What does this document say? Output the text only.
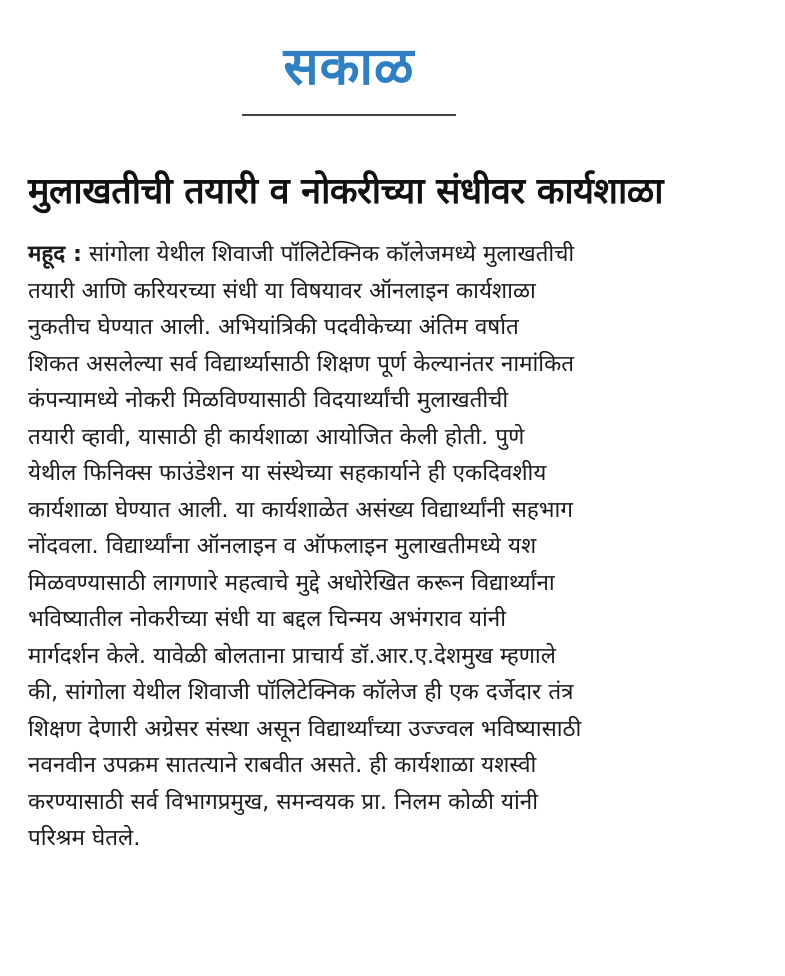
सकाळ
मुलाखतीची तयारी व नोकरीच्या संधीवर कार्यशाळा
महूद : सांगोला येथील शिवाजी पॉलिटेक्निक कॉलेजमध्ये मुलाखतीची
तयारी आणि करियरच्या संधी या विषयावर ऑनलाइन कार्यशाळा
नुकतीच घेण्यात आली. अभियांत्रिकी पदवीकेच्या अंतिम वर्षात
शिकत असलेल्या सर्व विद्यार्थ्यासाठी शिक्षण पूर्ण केल्यानंतर नामांकित
कंपन्यामध्ये नोकरी मिळविण्यासाठी विदयार्थ्यांची मुलाखतीची
तयारी व्हावी, यासाठी ही कार्यशाळा आयोजित केली होती. पुणे
येथील फिनिक्स फाउंडेशन या संस्थेच्या सहकार्याने ही एकदिवशीय
कार्यशाळा घेण्यात आली. या कार्यशाळेत असंख्य विद्यार्थ्यांनी सहभाग
नोंदवला. विद्यार्थ्यांना ऑनलाइन व ऑफलाइन मुलाखतीमध्ये यश
मिळवण्यासाठी लागणारे महत्वाचे मुद्दे अधोरेखित करून विद्यार्थ्यांना
भविष्यातील नोकरीच्या संधी या बद्दल चिन्मय अभंगराव यांनी
मार्गदर्शन केले. यावेळी बोलताना प्राचार्य डॉ.आर.ए.देशमुख म्हणाले
की, सांगोला येथील शिवाजी पॉलिटेक्निक कॉलेज ही एक दर्जेदार तंत्र
शिक्षण देणारी अग्रेसर संस्था असून विद्यार्थ्यांच्या उज्ज्वल भविष्यासाठी
नवनवीन उपक्रम सातत्याने राबवीत असते. ही कार्यशाळा यशस्वी
करण्यासाठी सर्व विभागप्रमुख, समन्वयक प्रा. निलम कोळी यांनी
परिश्रम घेतले.
